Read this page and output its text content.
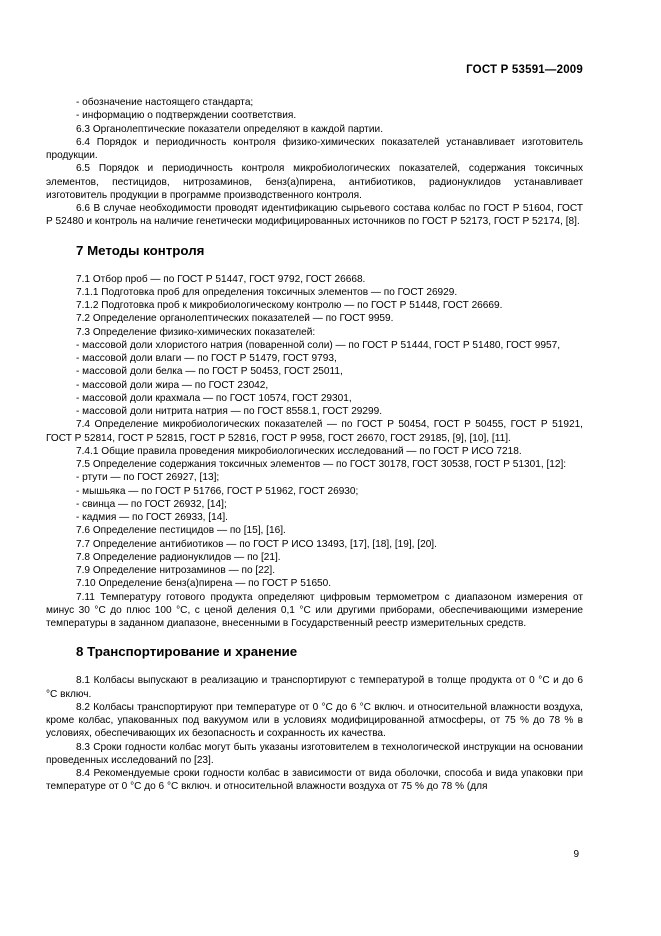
ГОСТ Р 53591—2009

- обозначение настоящего стандарта;

- информацию о подтверждении соответствия.

6.3 Органолептические показатели определяют в каждой партии.

6.4 Порядок и периодичность контроля физико-химических показателей устанавливает изготовитель продукции.

6.5 Порядок и периодичность контроля микробиологических показателей, содержания токсичных элементов, пестицидов, нитрозаминов, бенз(а)пирена, антибиотиков, радионуклидов устанавливает изготовитель продукции в программе производственного контроля.

6.6 В случае необходимости проводят идентификацию сырьевого состава колбас по ГОСТ Р 51604, ГОСТ Р 52480 и контроль на наличие генетически модифицированных источников по ГОСТ Р 52173, ГОСТ Р 52174, [8].

7 Методы контроля

7.1 Отбор проб — по ГОСТ Р 51447, ГОСТ 9792, ГОСТ 26668.

7.1.1 Подготовка проб для определения токсичных элементов — по ГОСТ 26929.

7.1.2 Подготовка проб к микробиологическому контролю — по ГОСТ Р 51448, ГОСТ 26669.

7.2 Определение органолептических показателей — по ГОСТ 9959.

7.3 Определение физико-химических показателей:

- массовой доли хлористого натрия (поваренной соли) — по ГОСТ Р 51444, ГОСТ Р 51480, ГОСТ 9957,

- массовой доли влаги — по ГОСТ Р 51479, ГОСТ 9793,

- массовой доли белка — по ГОСТ Р 50453, ГОСТ 25011,

- массовой доли жира — по ГОСТ 23042,

- массовой доли крахмала — по ГОСТ 10574, ГОСТ 29301,

- массовой доли нитрита натрия — по ГОСТ 8558.1, ГОСТ 29299.

7.4 Определение микробиологических показателей — по ГОСТ Р 50454, ГОСТ Р 50455, ГОСТ Р 51921, ГОСТ Р 52814, ГОСТ Р 52815, ГОСТ Р 52816, ГОСТ Р 9958, ГОСТ 26670, ГОСТ 29185, [9], [10], [11].

7.4.1 Общие правила проведения микробиологических исследований — по ГОСТ Р ИСО 7218.

7.5 Определение содержания токсичных элементов — по ГОСТ 30178, ГОСТ 30538, ГОСТ Р 51301, [12]:

- ртути — по ГОСТ 26927, [13];

- мышьяка — по ГОСТ Р 51766, ГОСТ Р 51962, ГОСТ 26930;

- свинца — по ГОСТ 26932, [14];

- кадмия — по ГОСТ 26933, [14].

7.6 Определение пестицидов — по [15], [16].

7.7 Определение антибиотиков — по ГОСТ Р ИСО 13493, [17], [18], [19], [20].

7.8 Определение радионуклидов — по [21].

7.9 Определение нитрозаминов — по [22].

7.10 Определение бенз(а)пирена — по ГОСТ Р 51650.

7.11 Температуру готового продукта определяют цифровым термометром с диапазоном измерения от минус 30 °С до плюс 100 °С, с ценой деления 0,1 °С или другими приборами, обеспечивающими измерение температуры в заданном диапазоне, внесенными в Государственный реестр измерительных средств.

8 Транспортирование и хранение

8.1 Колбасы выпускают в реализацию и транспортируют с температурой в толще продукта от 0 °С и до 6 °С включ.

8.2 Колбасы транспортируют при температуре от 0 °С до 6 °С включ. и относительной влажности воздуха, кроме колбас, упакованных под вакуумом или в условиях модифицированной атмосферы, от 75 % до 78 % в условиях, обеспечивающих их безопасность и сохранность их качества.

8.3 Сроки годности колбас могут быть указаны изготовителем в технологической инструкции на основании проведенных исследований по [23].

8.4 Рекомендуемые сроки годности колбас в зависимости от вида оболочки, способа и вида упаковки при температуре от 0 °С до 6 °С включ. и относительной влажности воздуха от 75 % до 78 % (для

9
